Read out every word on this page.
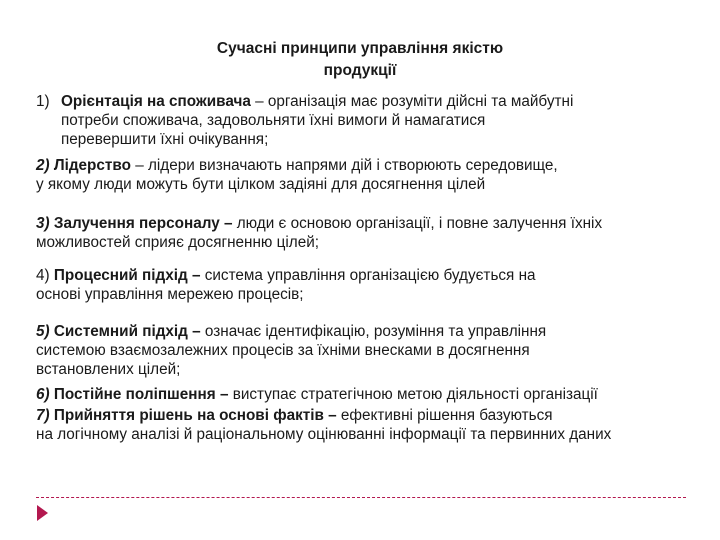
Сучасні принципи управління якістю
продукції
1) Орієнтація на споживача – організація має розуміти дійсні та майбутні
потреби споживача, задовольняти їхні вимоги й намагатися
перевершити їхні очікування;
2) Лідерство – лідери визначають напрями дій і створюють середовище,
у якому люди можуть бути цілком задіяні для досягнення цілей
3) Залучення персоналу – люди є основою організації, і повне залучення їхніх
можливостей сприяє досягненню цілей;
4) Процесний підхід – система управління організацією будується на
основі управління мережею процесів;
5) Системний підхід – означає ідентифікацію, розуміння та управління
системою взаємозалежних процесів за їхніми внесками в досягнення
встановлених цілей;
6) Постійне поліпшення – виступає стратегічною метою діяльності організації
7) Прийняття рішень на основі фактів – ефективні рішення базуються
на логічному аналізі й раціональному оцінюванні інформації та первинних даних
